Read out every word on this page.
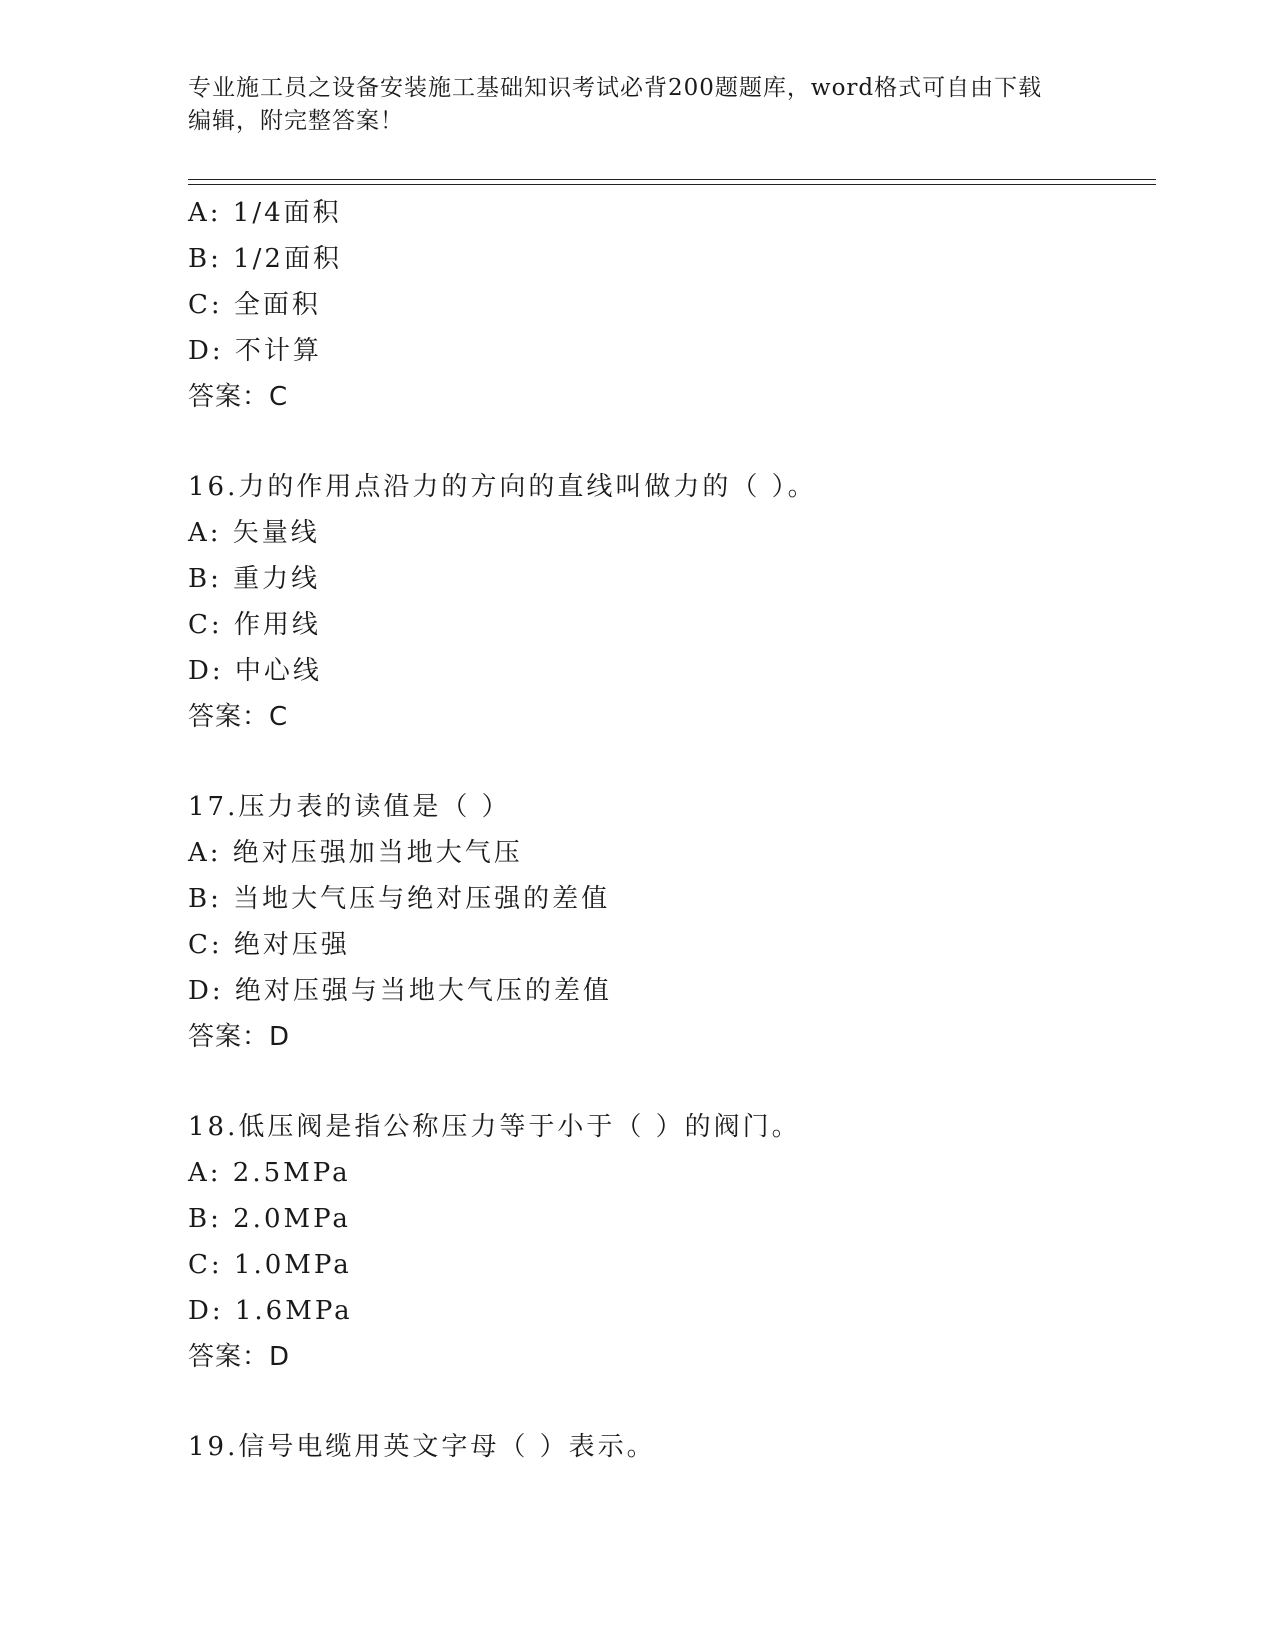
专业施工员之设备安装施工基础知识考试必背200题题库，word格式可自由下载
编辑，附完整答案！
A: 1/4面积
B: 1/2面积
C: 全面积
D: 不计算
答案：C
16.力的作用点沿力的方向的直线叫做力的（ ）。
A: 矢量线
B: 重力线
C: 作用线
D: 中心线
答案：C
17.压力表的读值是（ ）
A: 绝对压强加当地大气压
B: 当地大气压与绝对压强的差值
C: 绝对压强
D: 绝对压强与当地大气压的差值
答案：D
18.低压阀是指公称压力等于小于（ ）的阀门。
A: 2.5MPa
B: 2.0MPa
C: 1.0MPa
D: 1.6MPa
答案：D
19.信号电缆用英文字母（ ）表示。
